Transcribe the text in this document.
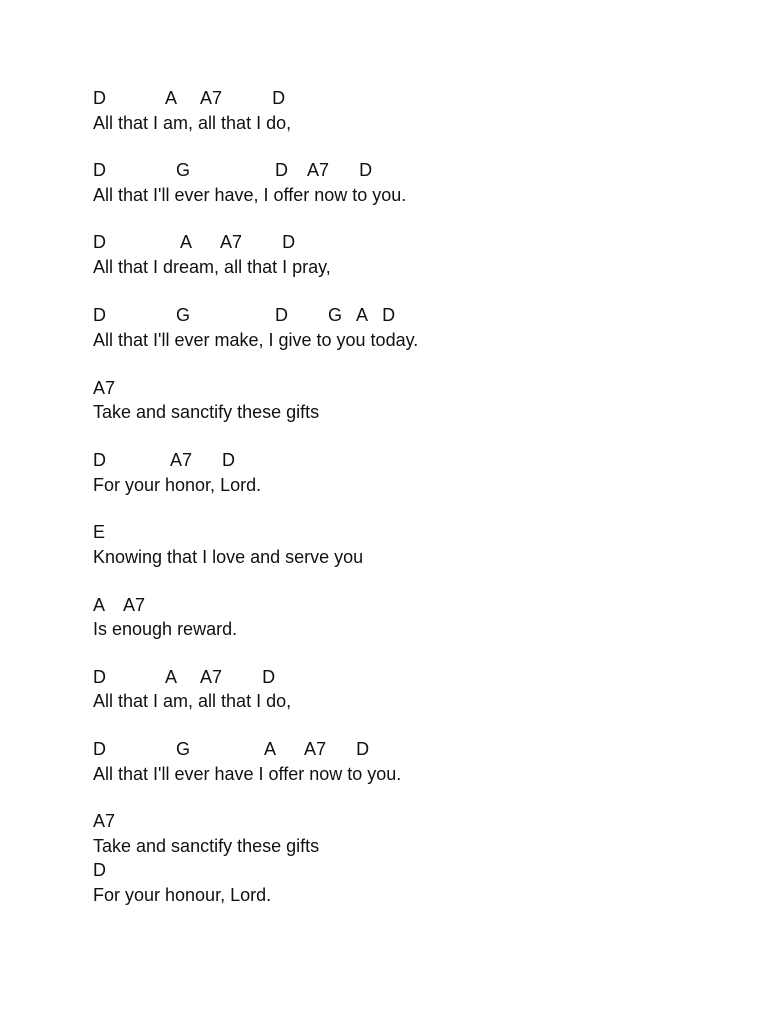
D            A     A7          D
All that I am, all that I do,
D              G                 D    A7      D
All that I'll ever have, I offer now to you.
D               A      A7        D
All that I dream, all that I pray,
D              G                 D        G   A   D
All that I'll ever make, I give to you today.
A7
Take and sanctify these gifts
D             A7      D
For your honor, Lord.
E
Knowing that I love and serve you
A    A7
Is enough reward.
D            A     A7        D
All that I am, all that I do,
D              G               A      A7      D
All that I'll ever have I offer now to you.
A7
Take and sanctify these gifts
D
For your honour, Lord.
